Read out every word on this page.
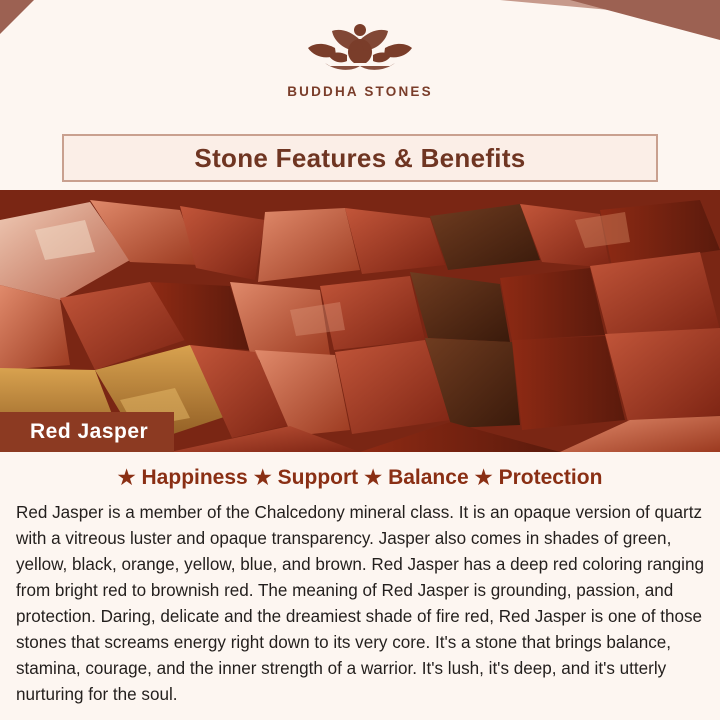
BUDDHA STONES
Stone Features & Benefits
Red Jasper
★ Happiness ★ Support ★ Balance ★ Protection
Red Jasper is a member of the Chalcedony mineral class. It is an opaque version of quartz with a vitreous luster and opaque transparency. Jasper also comes in shades of green, yellow, black, orange, yellow, blue, and brown. Red Jasper has a deep red coloring ranging from bright red to brownish red. The meaning of Red Jasper is grounding, passion, and protection. Daring, delicate and the dreamiest shade of fire red, Red Jasper is one of those stones that screams energy right down to its very core. It's a stone that brings balance, stamina, courage, and the inner strength of a warrior. It's lush, it's deep, and it's utterly nurturing for the soul.
